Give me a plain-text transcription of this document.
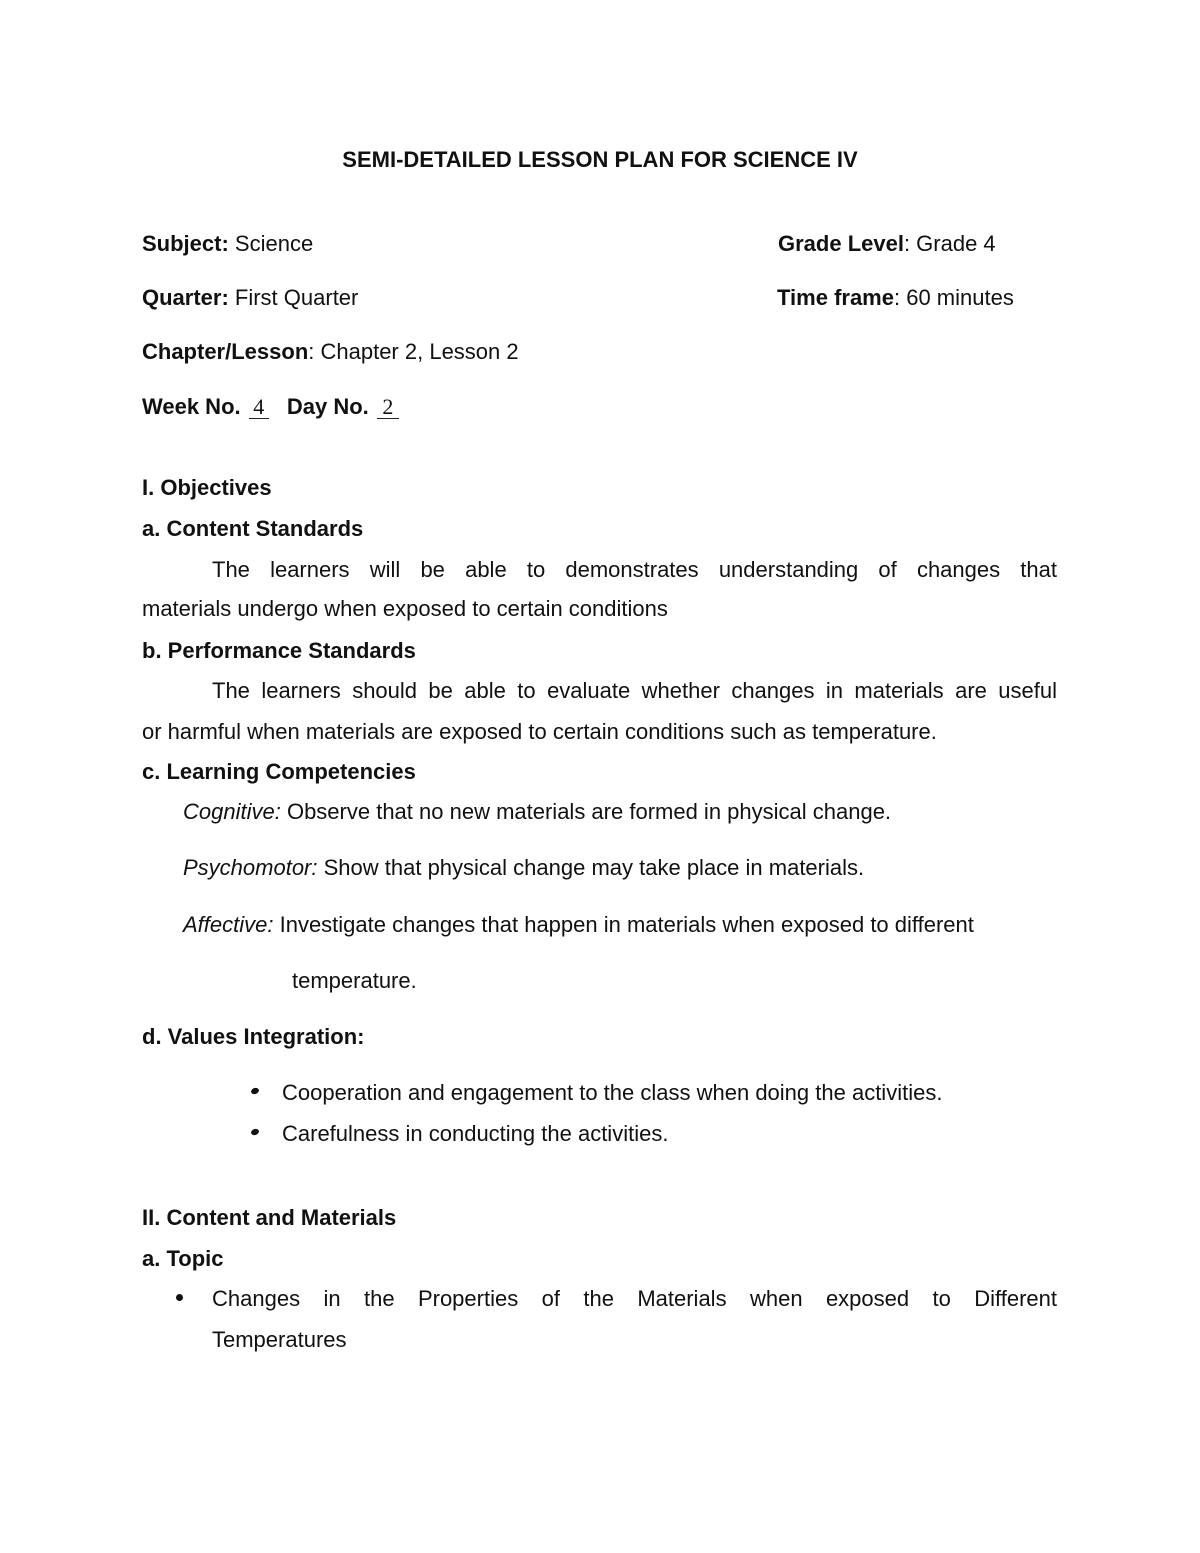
SEMI-DETAILED LESSON PLAN FOR SCIENCE IV
Subject: Science	Grade Level: Grade 4
Quarter: First Quarter	Time frame: 60 minutes
Chapter/Lesson: Chapter 2, Lesson 2
Week No. 4 Day No. 2
I. Objectives
a. Content Standards
The learners will be able to demonstrates understanding of changes that
materials undergo when exposed to certain conditions
b. Performance Standards
The learners should be able to evaluate whether changes in materials are useful
or harmful when materials are exposed to certain conditions such as temperature.
c. Learning Competencies
Cognitive: Observe that no new materials are formed in physical change.
Psychomotor: Show that physical change may take place in materials.
Affective: Investigate changes that happen in materials when exposed to different
temperature.
d. Values Integration:
Cooperation and engagement to the class when doing the activities.
Carefulness in conducting the activities.
II. Content and Materials
a. Topic
Changes in the Properties of the Materials when exposed to Different
Temperatures
